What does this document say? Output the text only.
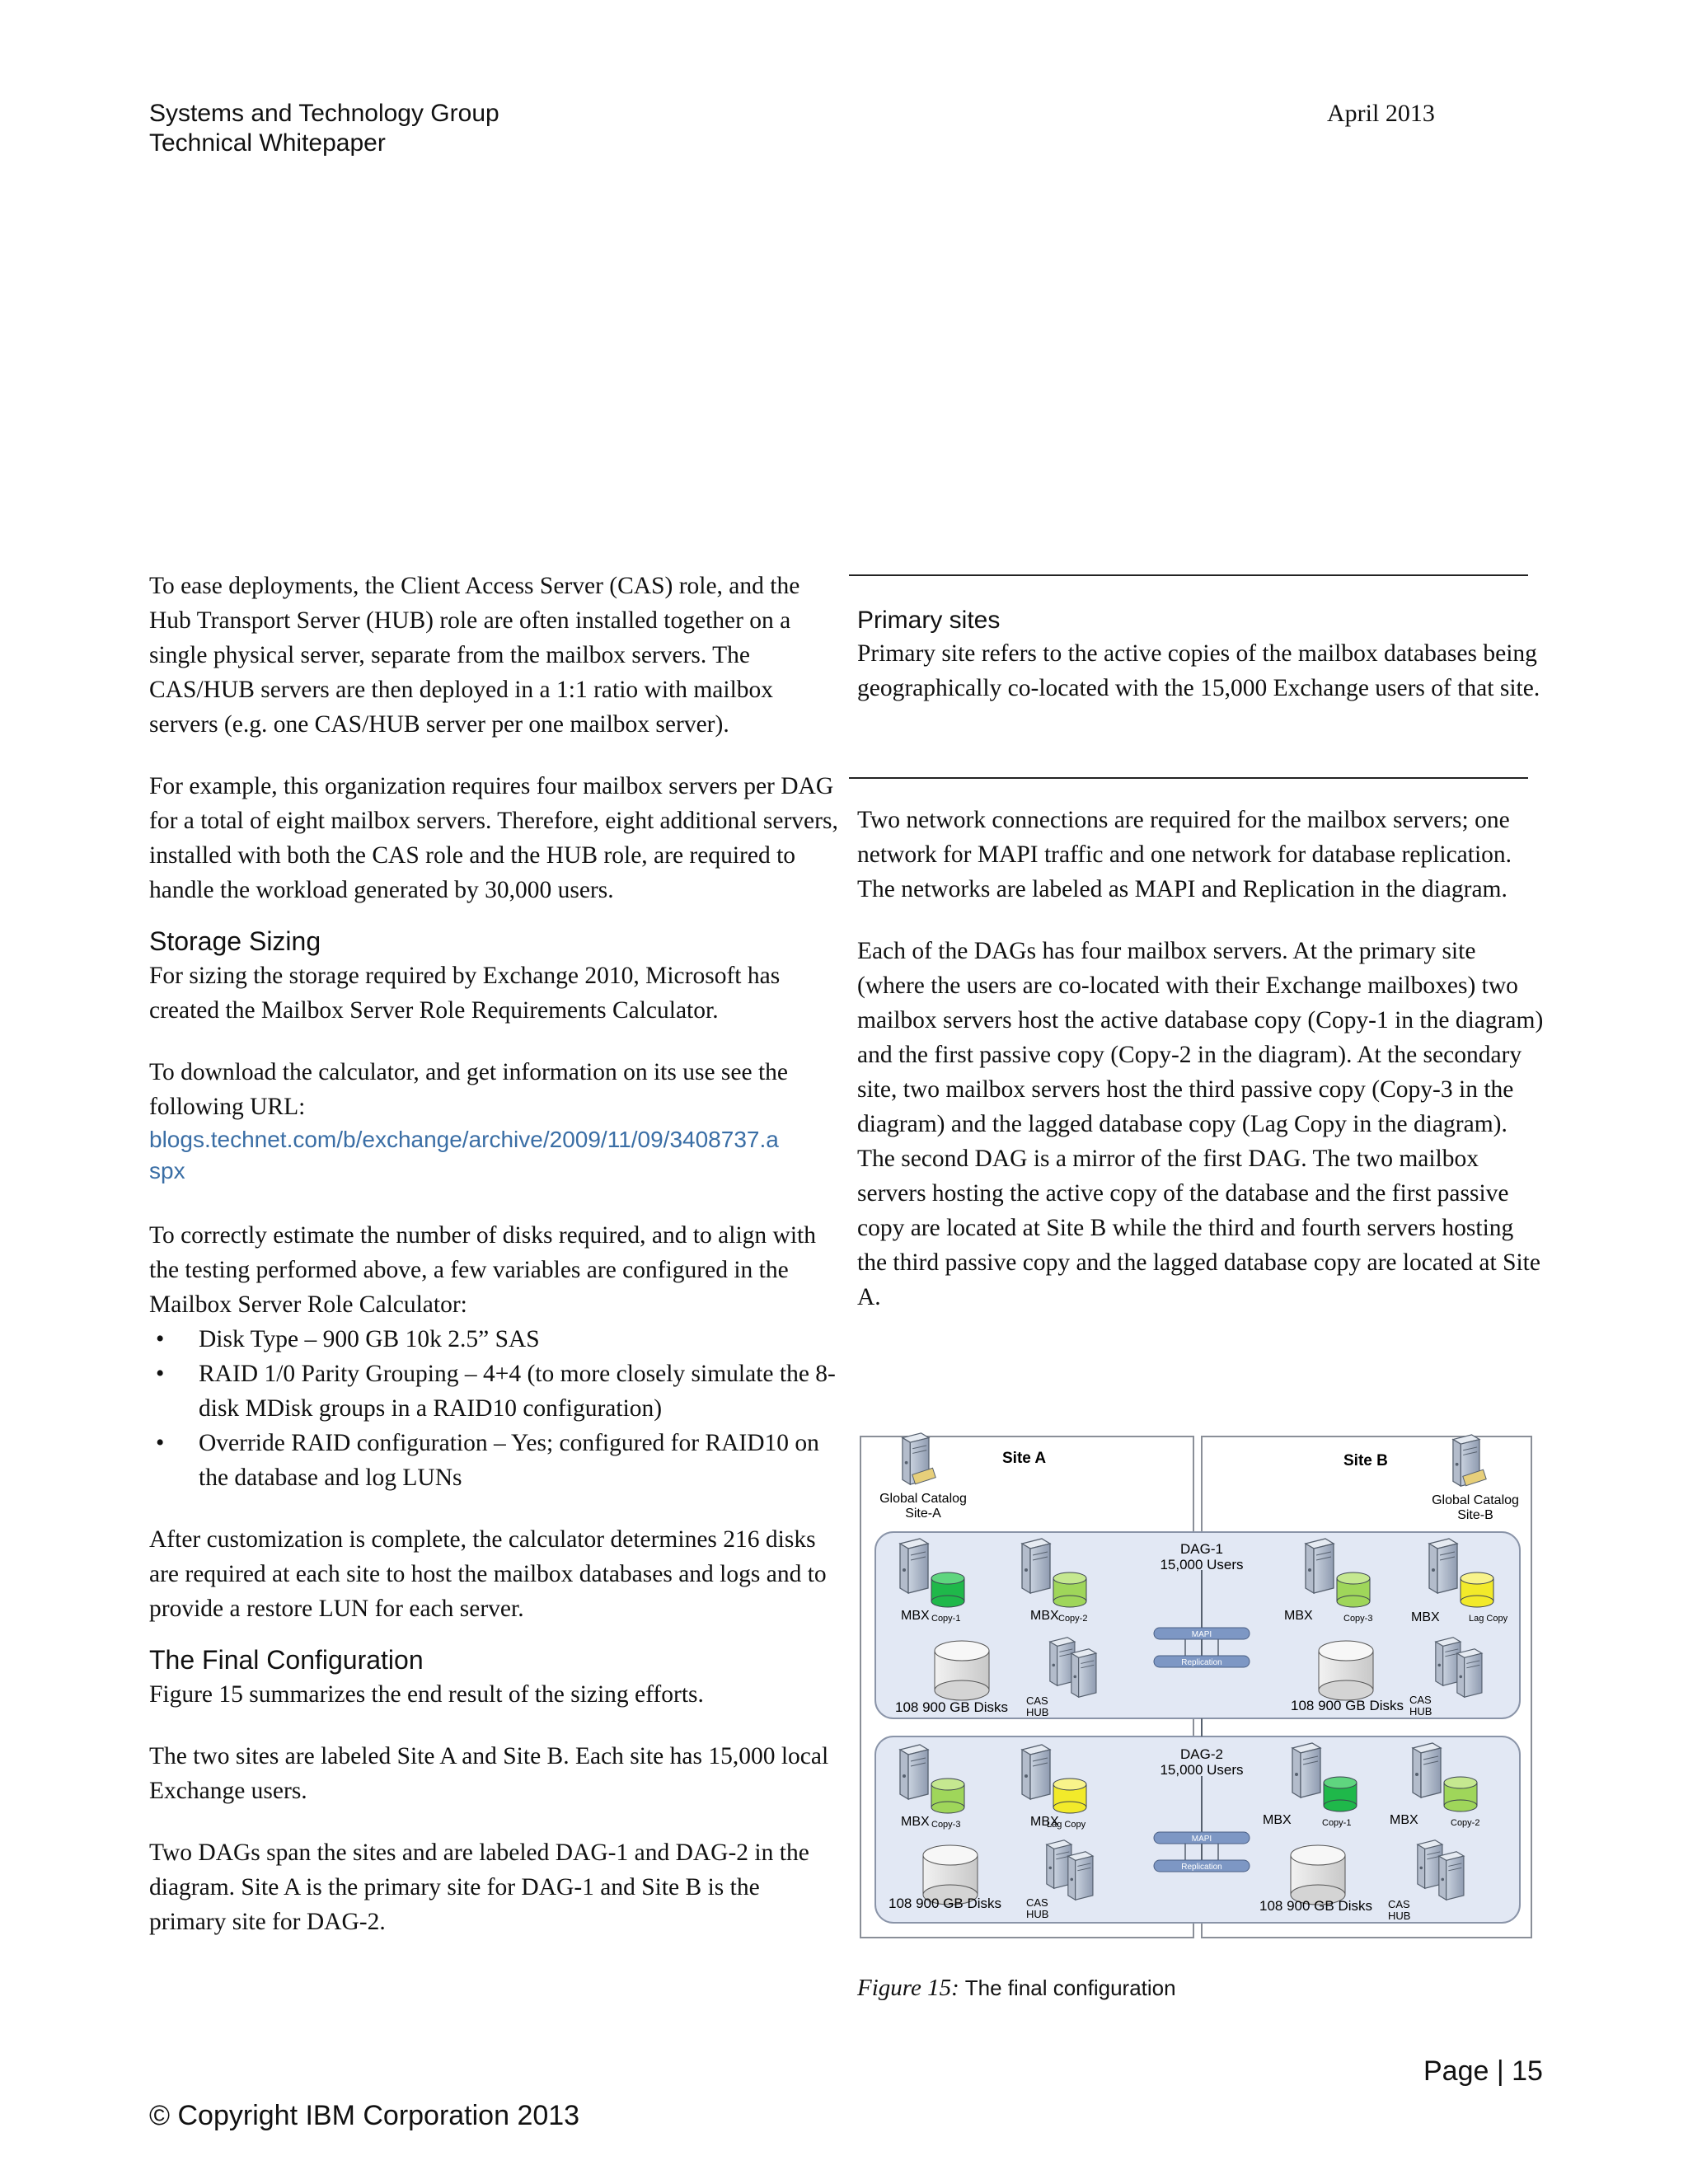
Systems and Technology Group
Technical Whitepaper
April 2013

To ease deployments, the Client Access Server (CAS) role, and the Hub Transport Server (HUB) role are often installed together on a single physical server, separate from the mailbox servers. The CAS/HUB servers are then deployed in a 1:1 ratio with mailbox servers (e.g. one CAS/HUB server per one mailbox server).

For example, this organization requires four mailbox servers per DAG for a total of eight mailbox servers. Therefore, eight additional servers, installed with both the CAS role and the HUB role, are required to handle the workload generated by 30,000 users.

Storage Sizing

For sizing the storage required by Exchange 2010, Microsoft has created the Mailbox Server Role Requirements Calculator.

To download the calculator, and get information on its use see the following URL:

blogs.technet.com/b/exchange/archive/2009/11/09/3408737.a
spx

To correctly estimate the number of disks required, and to align with the testing performed above, a few variables are configured in the Mailbox Server Role Calculator:

• Disk Type – 900 GB 10k 2.5” SAS
• RAID 1/0 Parity Grouping – 4+4 (to more closely simulate the 8-disk MDisk groups in a RAID10 configuration)
• Override RAID configuration – Yes; configured for RAID10 on the database and log LUNs

After customization is complete, the calculator determines 216 disks are required at each site to host the mailbox databases and logs and to provide a restore LUN for each server.

The Final Configuration

Figure 15 summarizes the end result of the sizing efforts.

The two sites are labeled Site A and Site B. Each site has 15,000 local Exchange users.

Two DAGs span the sites and are labeled DAG-1 and DAG-2 in the diagram. Site A is the primary site for DAG-1 and Site B is the primary site for DAG-2.

Primary sites
Primary site refers to the active copies of the mailbox databases being geographically co-located with the 15,000 Exchange users of that site.

Two network connections are required for the mailbox servers; one network for MAPI traffic and one network for database replication. The networks are labeled as MAPI and Replication in the diagram.

Each of the DAGs has four mailbox servers. At the primary site (where the users are co-located with their Exchange mailboxes) two mailbox servers host the active database copy (Copy-1 in the diagram) and the first passive copy (Copy-2 in the diagram). At the secondary site, two mailbox servers host the third passive copy (Copy-3 in the diagram) and the lagged database copy (Lag Copy in the diagram). The second DAG is a mirror of the first DAG. The two mailbox servers hosting the active copy of the database and the first passive copy are located at Site B while the third and fourth servers hosting the third passive copy and the lagged database copy are located at Site A.

Site A	Site B
Global Catalog
Site-A
Global Catalog
Site-B
DAG-1
15,000 Users
MBX Copy-1	MBX Copy-2	MBX	Copy-3	MBX	Lag Copy
MAPI
Replication
108 900 GB Disks CAS
HUB	108 900 GB Disks CAS
HUB
DAG-2
15,000 Users
MBX Copy-3	MBX
Lag Copy	MBX	Copy-1	MBX	Copy-2
MAPI
Replication
108 900 GB Disks CAS
HUB
108 900 GB Disks CAS
HUB
Figure 15: The final configuration
Page | 15
© Copyright IBM Corporation 2013
